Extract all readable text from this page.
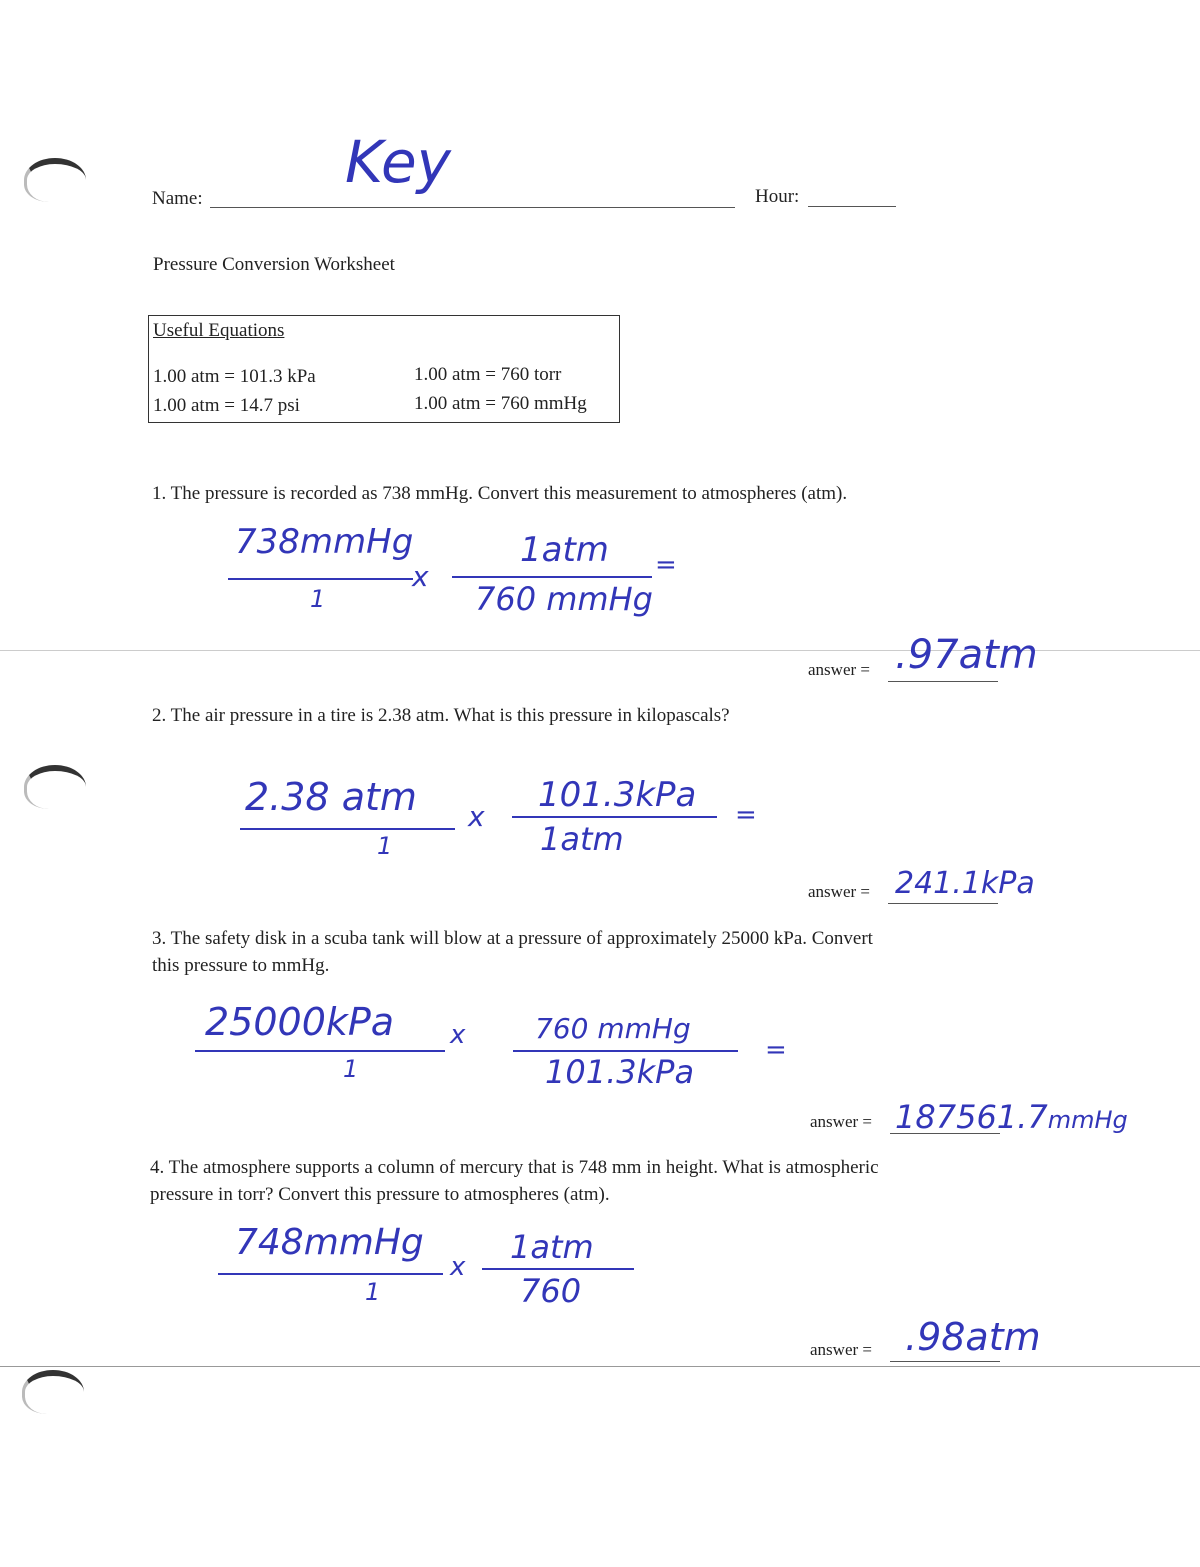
Name:
Key
Hour:
Pressure Conversion Worksheet
Useful Equations
1.00 atm = 101.3 kPa	1.00 atm = 760 torr
1.00 atm = 14.7 psi	1.00 atm = 760 mmHg
1. The pressure is recorded as 738 mmHg. Convert this measurement to atmospheres (atm).
738mmHg
1
x
1atm
760 mmHg
=
answer = .97atm
2. The air pressure in a tire is 2.38 atm. What is this pressure in kilopascals?
2.38 atm
1
x
101.3kPa
1atm
=
answer = 241.1kPa
3. The safety disk in a scuba tank will blow at a pressure of approximately 25000 kPa. Convert
this pressure to mmHg.
25000kPa
1
x 760 mmHg
101.3kPa
=
answer = 187561.7mmHg
4. The atmosphere supports a column of mercury that is 748 mm in height. What is atmospheric
pressure in torr? Convert this pressure to atmospheres (atm).
748mmHg
1
x
1atm
760
answer = .98atm
